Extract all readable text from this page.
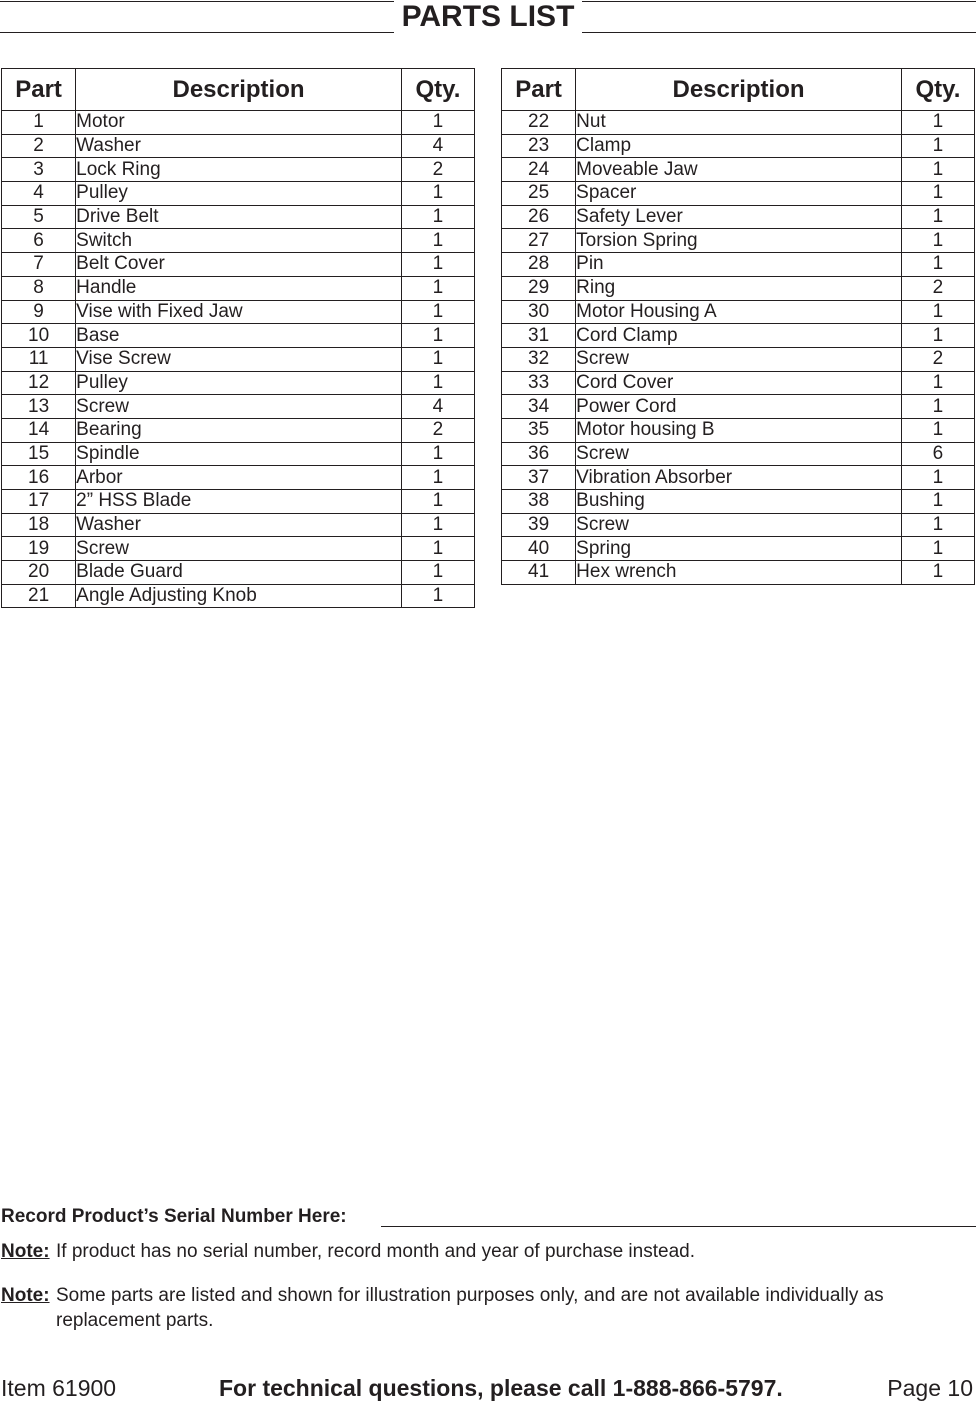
PARTS LIST
Part	Description	Qty.
1	Motor	1
2	Washer	4
3	Lock Ring	2
4	Pulley	1
5	Drive Belt	1
6	Switch	1
7	Belt Cover	1
8	Handle	1
9	Vise with Fixed Jaw	1
10	Base	1
11	Vise Screw	1
12	Pulley	1
13	Screw	4
14	Bearing	2
15	Spindle	1
16	Arbor	1
17	2” HSS Blade	1
18	Washer	1
19	Screw	1
20	Blade Guard	1
21	Angle Adjusting Knob	1
Part	Description	Qty.
22	Nut	1
23	Clamp	1
24	Moveable Jaw	1
25	Spacer	1
26	Safety Lever	1
27	Torsion Spring	1
28	Pin	1
29	Ring	2
30	Motor Housing A	1
31	Cord Clamp	1
32	Screw	2
33	Cord Cover	1
34	Power Cord	1
35	Motor housing B	1
36	Screw	6
37	Vibration Absorber	1
38	Bushing	1
39	Screw	1
40	Spring	1
41	Hex wrench	1
Record Product’s Serial Number Here:
Note: If product has no serial number, record month and year of purchase instead.
Note: Some parts are listed and shown for illustration purposes only, and are not available individually as replacement parts.
Item 61900	For technical questions, please call 1-888-866-5797.	Page 10
